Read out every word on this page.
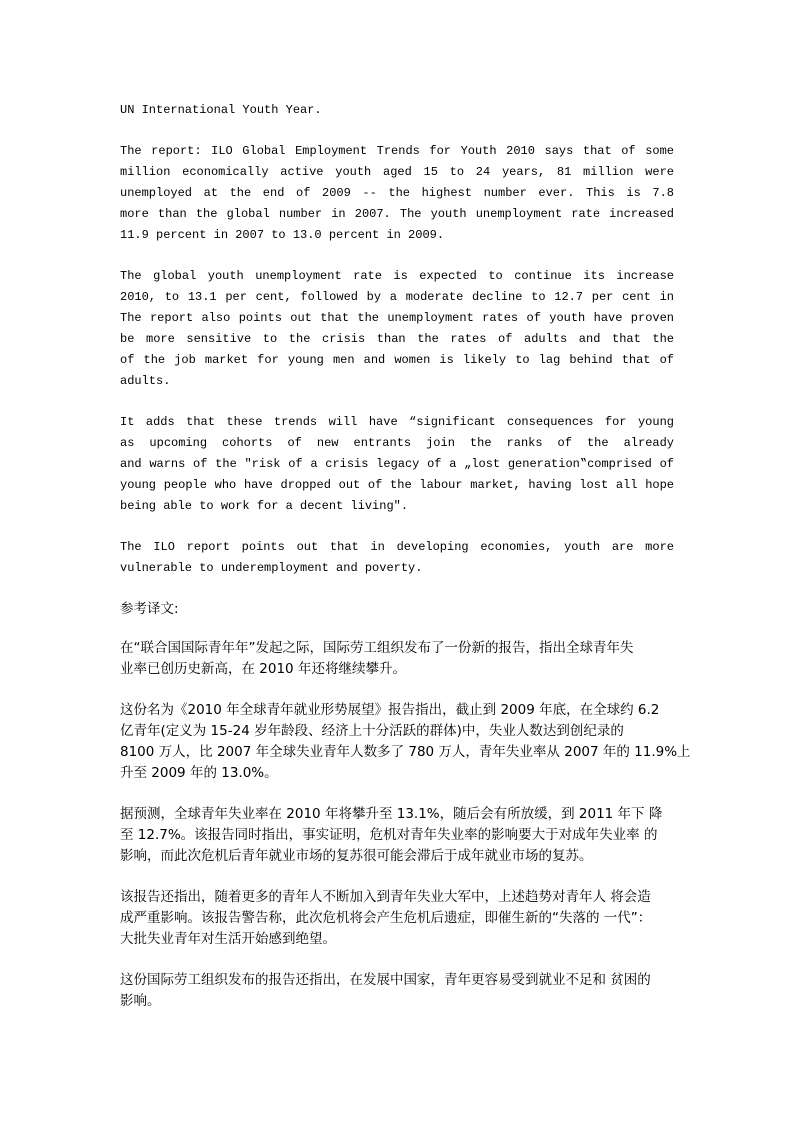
UN International Youth Year.
The report: ILO Global Employment Trends for Youth 2010 says that of some
million economically active youth aged 15 to 24 years, 81 million were
unemployed at the end of 2009 -- the highest number ever. This is 7.8
more than the global number in 2007. The youth unemployment rate increased
11.9 percent in 2007 to 13.0 percent in 2009.
The global youth unemployment rate is expected to continue its increase
2010, to 13.1 per cent, followed by a moderate decline to 12.7 per cent in
The report also points out that the unemployment rates of youth have proven
be more sensitive to the crisis than the rates of adults and that the
of the job market for young men and women is likely to lag behind that of
adults.
It adds that these trends will have “significant consequences for young
as upcoming cohorts of new entrants join the ranks of the already
and warns of the ″risk of a crisis legacy of a „lost generation‟comprised of
young people who have dropped out of the labour market, having lost all hope
being able to work for a decent living″.
The ILO report points out that in developing economies, youth are more
vulnerable to underemployment and poverty.
参考译文:
在“联合国国际青年年”发起之际，国际劳工组织发布了一份新的报告，指出全球青年失
业率已创历史新高，在 2010 年还将继续攀升。
这份名为《2010 年全球青年就业形势展望》报告指出，截止到 2009 年底，在全球约 6.2
亿青年(定义为 15-24 岁年龄段、经济上十分活跃的群体)中，失业人数达到创纪录的
8100 万人，比 2007 年全球失业青年人数多了 780 万人，青年失业率从 2007 年的 11.9%上
升至 2009 年的 13.0%。
据预测，全球青年失业率在 2010 年将攀升至 13.1%，随后会有所放缓，到 2011 年下 降
至 12.7%。该报告同时指出，事实证明，危机对青年失业率的影响要大于对成年失业率 的
影响，而此次危机后青年就业市场的复苏很可能会滞后于成年就业市场的复苏。
该报告还指出，随着更多的青年人不断加入到青年失业大军中，上述趋势对青年人 将会造
成严重影响。该报告警告称，此次危机将会产生危机后遗症，即催生新的“失落的 一代”：
大批失业青年对生活开始感到绝望。
这份国际劳工组织发布的报告还指出，在发展中国家，青年更容易受到就业不足和 贫困的
影响。
